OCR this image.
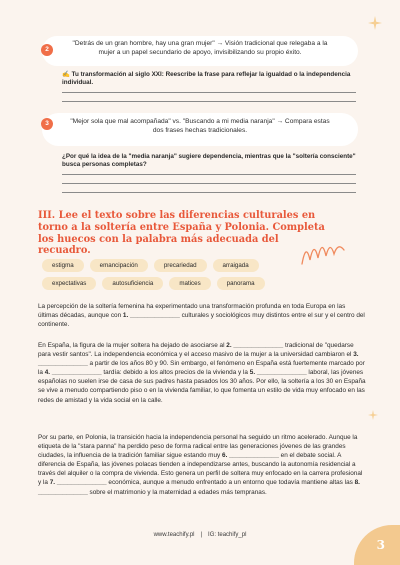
"Detrás de un gran hombre, hay una gran mujer" → Visión tradicional que relegaba a la mujer a un papel secundario de apoyo, invisibilizando su propio éxito.
2
✍️ Tu transformación al siglo XXI: Reescribe la frase para reflejar la igualdad o la independencia individual.
"Mejor sola que mal acompañada" vs. "Buscando a mi media naranja" → Compara estas dos frases hechas tradicionales.
3
¿Por qué la idea de la "media naranja" sugiere dependencia, mientras que la "soltería consciente" busca personas completas?
III. Lee el texto sobre las diferencias culturales en torno a la soltería entre España y Polonia. Completa los huecos con la palabra más adecuada del recuadro.
estigma	emancipación	precariedad	arraigada
expectativas	autosuficiencia	matices	panorama

La percepción de la soltería femenina ha experimentado una transformación profunda en toda Europa en las últimas décadas, aunque con 1. ______________ culturales y sociológicos muy distintos entre el sur y el centro del continente.

En España, la figura de la mujer soltera ha dejado de asociarse al 2. ______________ tradicional de "quedarse para vestir santos". La independencia económica y el acceso masivo de la mujer a la universidad cambiaron el 3. ______________ a partir de los años 80 y 90. Sin embargo, el fenómeno en España está fuertemente marcado por la 4. ______________ tardía: debido a los altos precios de la vivienda y la 5. ______________ laboral, las jóvenes españolas no suelen irse de casa de sus padres hasta pasados los 30 años. Por ello, la soltería a los 30 en España se vive a menudo compartiendo piso o en la vivienda familiar, lo que fomenta un estilo de vida muy enfocado en las redes de amistad y la vida social en la calle.

Por su parte, en Polonia, la transición hacia la independencia personal ha seguido un ritmo acelerado. Aunque la etiqueta de la "stara panna" ha perdido peso de forma radical entre las generaciones jóvenes de las grandes ciudades, la influencia de la tradición familiar sigue estando muy 6. ______________ en el debate social. A diferencia de España, las jóvenes polacas tienden a independizarse antes, buscando la autonomía residencial a través del alquiler o la compra de vivienda. Esto genera un perfil de soltera muy enfocado en la carrera profesional y la 7. ______________ económica, aunque a menudo enfrentado a un entorno que todavía mantiene altas las 8. ______________ sobre el matrimonio y la maternidad a edades más tempranas.

www.teachify.pl | IG: teachify_pl
3
